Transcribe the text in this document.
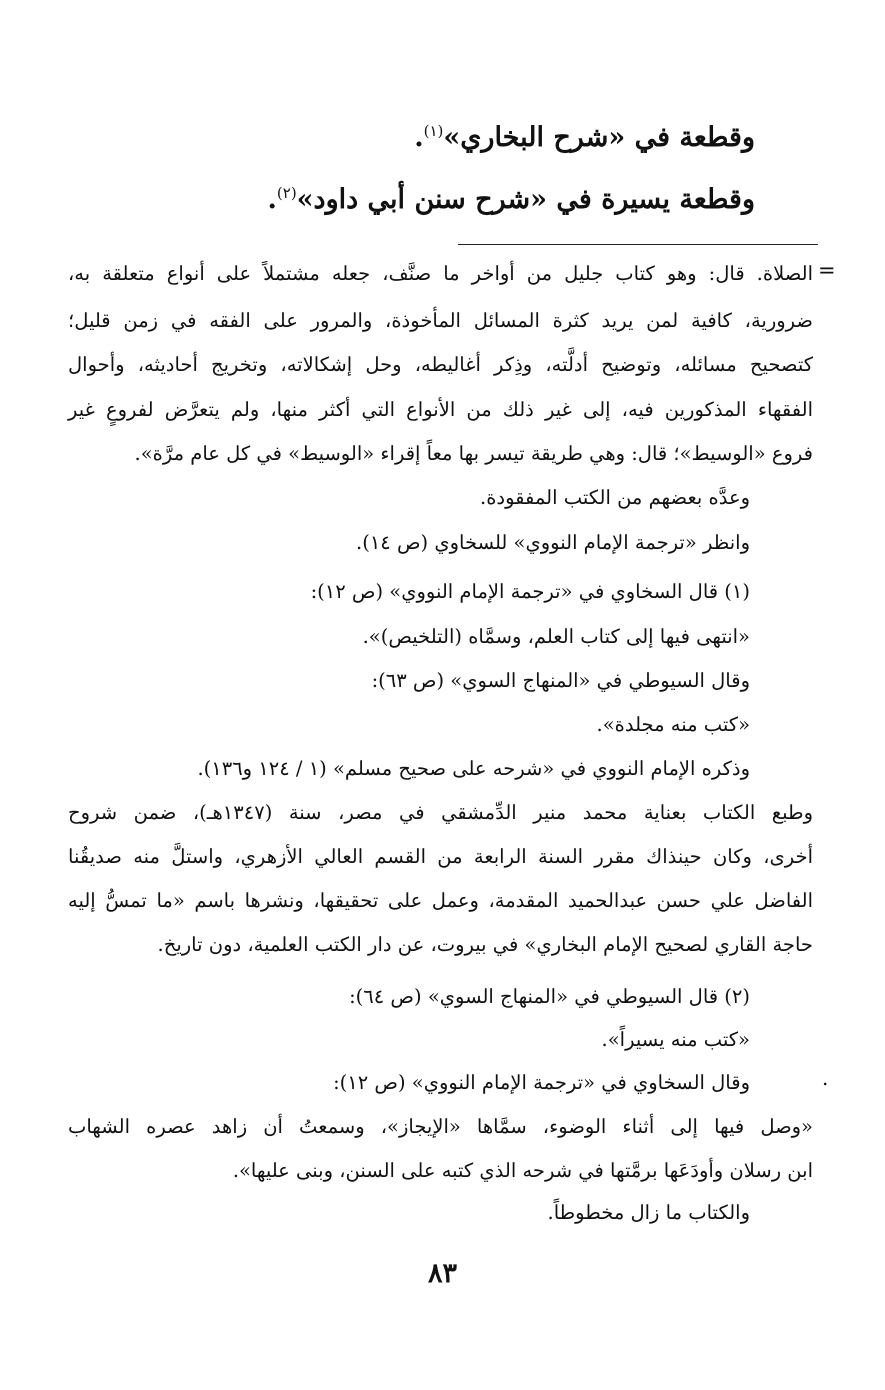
وقطعة في «شرح البخاري»$^{(١)}$.
وقطعة يسيرة في «شرح سنن أبي داود»$^{(٢)}$.
=
.
الصلاة. قال: وهو كتاب جليل من أواخر ما صنَّف، جعله مشتملاً على أنواع متعلقة به،
ضرورية، كافية لمن يريد كثرة المسائل المأخوذة، والمرور على الفقه في زمن قليل؛
كتصحيح مسائله، وتوضيح أدلَّته، وذِكر أغاليطه، وحل إشكالاته، وتخريج أحاديثه، وأحوال
الفقهاء المذكورين فيه، إلى غير ذلك من الأنواع التي أكثر منها، ولم يتعرَّض لفروعٍ غير
فروع «الوسيط»؛ قال: وهي طريقة تيسر بها معاً إقراء «الوسيط» في كل عام مرَّة».
وعدَّه بعضهم من الكتب المفقودة.
وانظر «ترجمة الإمام النووي» للسخاوي (ص ١٤).
(١) قال السخاوي في «ترجمة الإمام النووي» (ص ١٢):
«انتهى فيها إلى كتاب العلم، وسمَّاه (التلخيص)».
وقال السيوطي في «المنهاج السوي» (ص ٦٣):
«كتب منه مجلدة».
وذكره الإمام النووي في «شرحه على صحيح مسلم» (١ / ١٢٤ و١٣٦).
وطبع الكتاب بعناية محمد منير الدِّمشقي في مصر، سنة (١٣٤٧هـ)، ضمن شروح
أخرى، وكان حينذاك مقرر السنة الرابعة من القسم العالي الأزهري، واستلَّ منه صديقُنا
الفاضل علي حسن عبدالحميد المقدمة، وعمل على تحقيقها، ونشرها باسم «ما تمسُّ إليه
حاجة القاري لصحيح الإمام البخاري» في بيروت، عن دار الكتب العلمية، دون تاريخ.
(٢) قال السيوطي في «المنهاج السوي» (ص ٦٤):
«كتب منه يسيراً».
وقال السخاوي في «ترجمة الإمام النووي» (ص ١٢):
«وصل فيها إلى أثناء الوضوء، سمَّاها «الإيجاز»، وسمعتُ أن زاهد عصره الشهاب
ابن رسلان وأودَعَها برمَّتها في شرحه الذي كتبه على السنن، وبنى عليها».
والكتاب ما زال مخطوطاً.
٨٣
